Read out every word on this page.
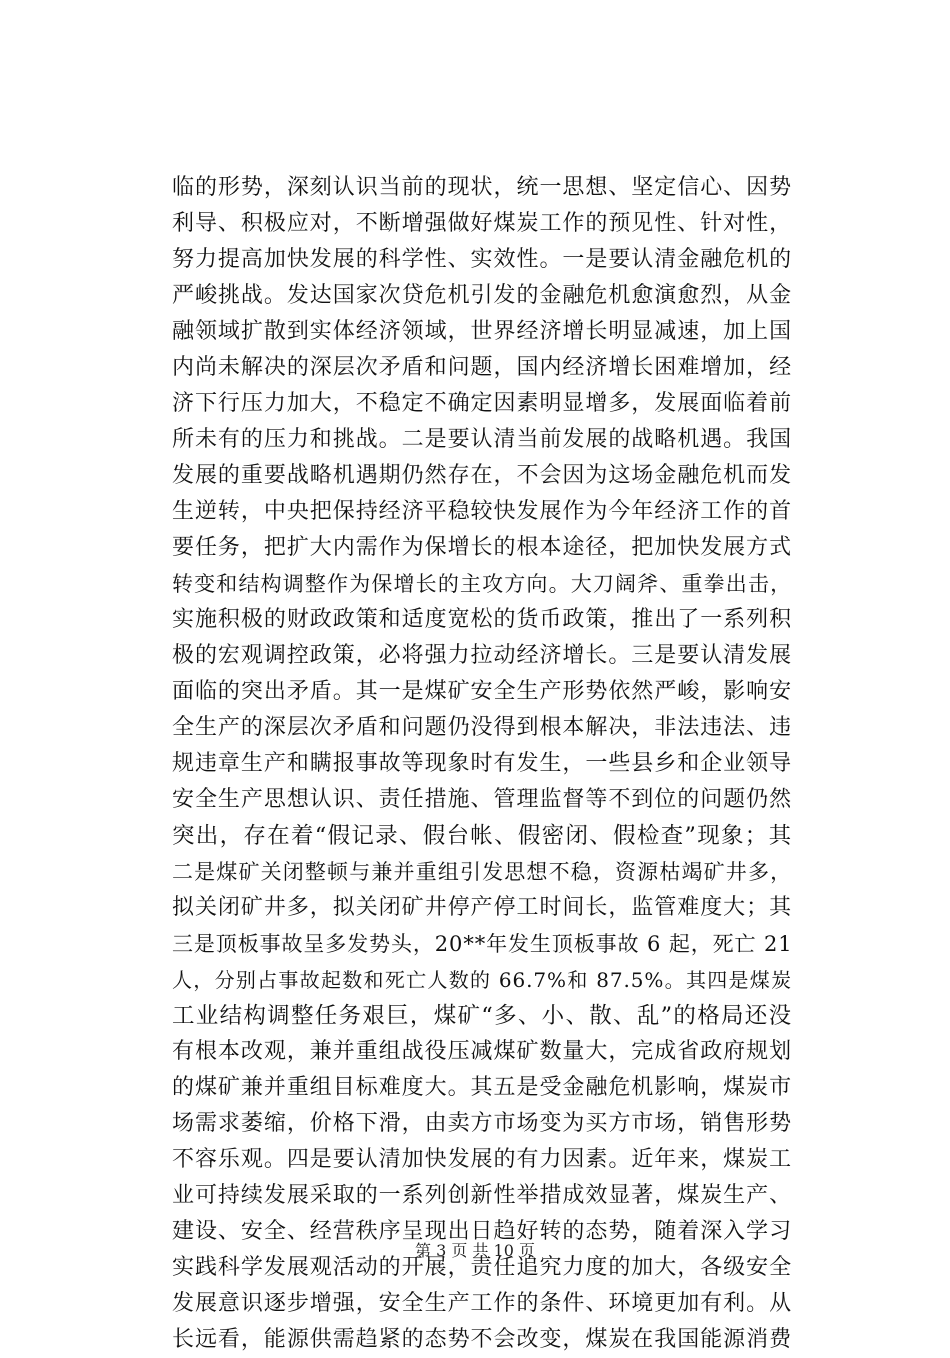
临的形势，深刻认识当前的现状，统一思想、坚定信心、因势
利导、积极应对，不断增强做好煤炭工作的预见性、针对性，
努力提高加快发展的科学性、实效性。一是要认清金融危机的
严峻挑战。发达国家次贷危机引发的金融危机愈演愈烈，从金
融领域扩散到实体经济领域，世界经济增长明显减速，加上国
内尚未解决的深层次矛盾和问题，国内经济增长困难增加，经
济下行压力加大，不稳定不确定因素明显增多，发展面临着前
所未有的压力和挑战。二是要认清当前发展的战略机遇。我国
发展的重要战略机遇期仍然存在，不会因为这场金融危机而发
生逆转，中央把保持经济平稳较快发展作为今年经济工作的首
要任务，把扩大内需作为保增长的根本途径，把加快发展方式
转变和结构调整作为保增长的主攻方向。大刀阔斧、重拳出击，
实施积极的财政政策和适度宽松的货币政策，推出了一系列积
极的宏观调控政策，必将强力拉动经济增长。三是要认清发展
面临的突出矛盾。其一是煤矿安全生产形势依然严峻，影响安
全生产的深层次矛盾和问题仍没得到根本解决，非法违法、违
规违章生产和瞒报事故等现象时有发生，一些县乡和企业领导
安全生产思想认识、责任措施、管理监督等不到位的问题仍然
突出，存在着“假记录、假台帐、假密闭、假检查”现象；其
二是煤矿关闭整顿与兼并重组引发思想不稳，资源枯竭矿井多，
拟关闭矿井多，拟关闭矿井停产停工时间长，监管难度大；其
三是顶板事故呈多发势头，20**年发生顶板事故 6 起，死亡 21
人，分别占事故起数和死亡人数的 66.7%和 87.5%。其四是煤炭
工业结构调整任务艰巨，煤矿“多、小、散、乱”的格局还没
有根本改观，兼并重组战役压减煤矿数量大，完成省政府规划
的煤矿兼并重组目标难度大。其五是受金融危机影响，煤炭市
场需求萎缩，价格下滑，由卖方市场变为买方市场，销售形势
不容乐观。四是要认清加快发展的有力因素。近年来，煤炭工
业可持续发展采取的一系列创新性举措成效显著，煤炭生产、
建设、安全、经营秩序呈现出日趋好转的态势，随着深入学习
实践科学发展观活动的开展，责任追究力度的加大，各级安全
发展意识逐步增强，安全生产工作的条件、环境更加有利。从
长远看，能源供需趋紧的态势不会改变，煤炭在我国能源消费
第 3 页 共 10 页
